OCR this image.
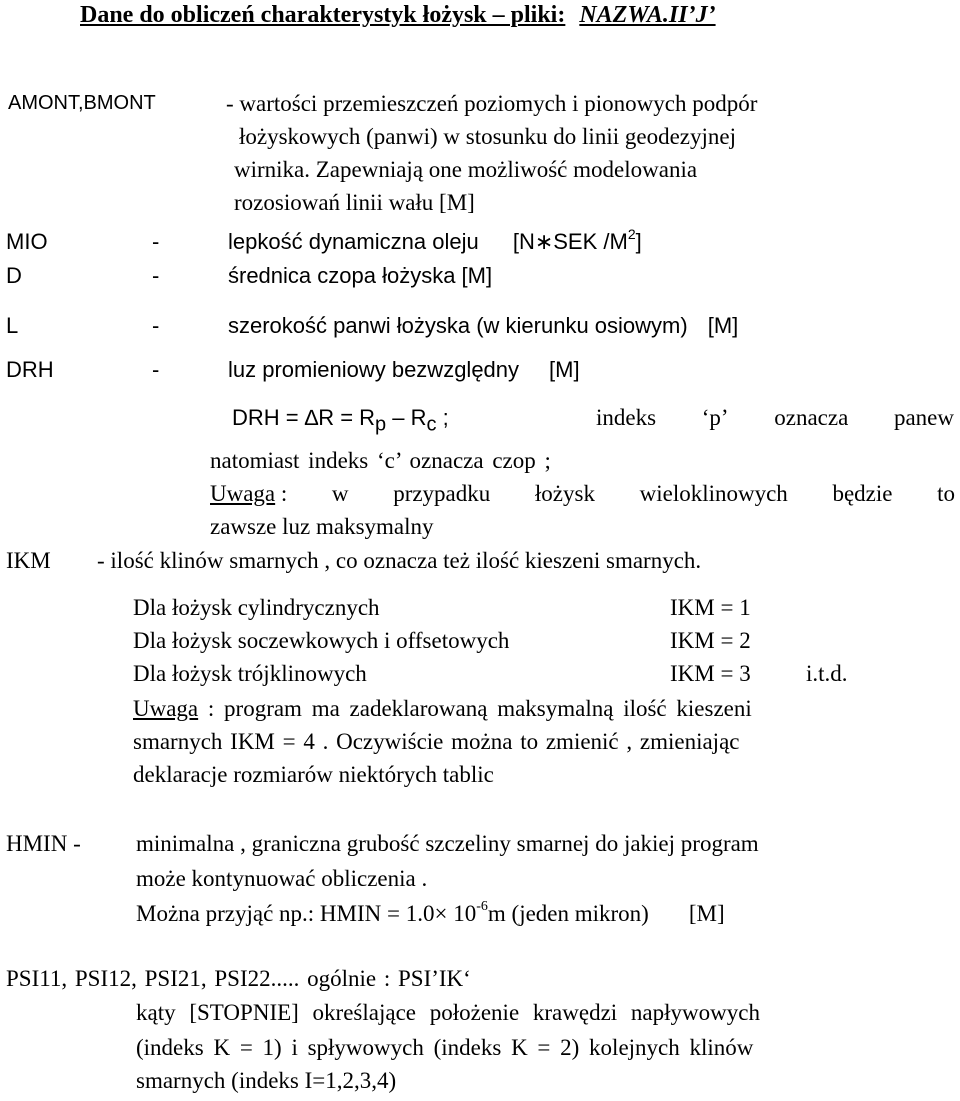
Dane do obliczeń charakterystyk łożysk – pliki: NAZWA.II’J’
AMONT,BMONT	- wartości przemieszczeń poziomych i pionowych podpór
łożyskowych (panwi) w stosunku do linii geodezyjnej
wirnika. Zapewniają one możliwość modelowania
rozosiowań linii wału [M]
MIO	-	lepkość dynamiczna oleju [N∗SEK $/M^2$]
D	-	średnica czopa łożyska [M]
L	-	szerokość panwi łożyska (w kierunku osiowym) [M]
DRH	-	luz promieniowy bezwzględny [M]
DRH = $\Delta R = R_p - R_c$ ;	indeks ‘p’ oznacza panew
natomiast indeks ‘c’ oznacza czop ;
Uwaga : w przypadku łożysk wieloklinowych będzie to
zawsze luz maksymalny
IKM - ilość klinów smarnych , co oznacza też ilość kieszeni smarnych.
Dla łożysk cylindrycznych	IKM = 1
Dla łożysk soczewkowych i offsetowych	IKM = 2
Dla łożysk trójklinowych	IKM = 3 i.t.d.
Uwaga : program ma zadeklarowaną maksymalną ilość kieszeni
smarnych IKM = 4 . Oczywiście można to zmienić , zmieniając
deklaracje rozmiarów niektórych tablic
HMIN - minimalna , graniczna grubość szczeliny smarnej do jakiej program
może kontynuować obliczenia .
Można przyjąć np.: HMIN = $1.0\times 10^{-6}m$ (jeden mikron) [M]
PSI11, PSI12, PSI21, PSI22..... ogólnie : PSI’IK‘
kąty [STOPNIE] określające położenie krawędzi napływowych
(indeks K = 1) i spływowych (indeks K = 2) kolejnych klinów
smarnych (indeks I=1,2,3,4)
